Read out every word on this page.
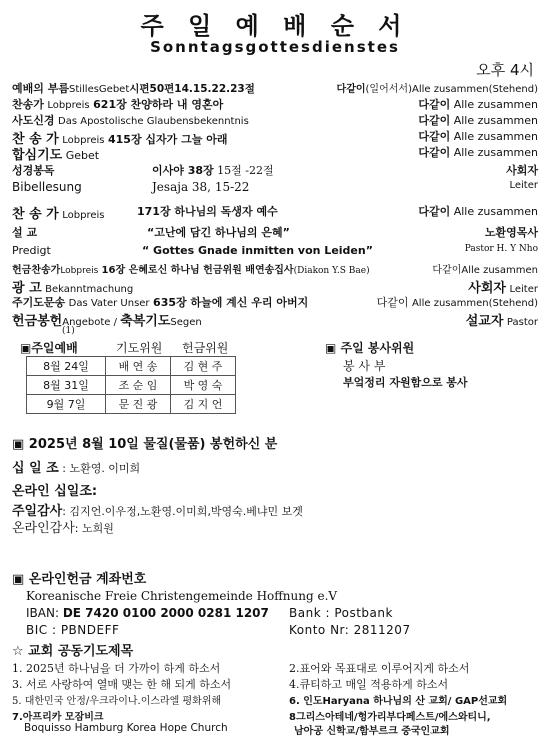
주 일 예 배 순 서
Sonntagsgottesdienstes
오후 4시
예배의 부름StillesGebet시편50편14.15.22.23절	다같이(일어서서)Alle zusammen(Stehend)
찬송가 Lobpreis 621장 찬양하라 내 영혼아	다같이 Alle zusammen
사도신경 Das Apostolische Glaubensbekenntnis	다같이 Alle zusammen
찬 송 가 Lobpreis 415장 십자가 그늘 아래	다같이 Alle zusammen
합심기도 Gebet	다같이 Alle zusammen
성경봉독	이사야 38장 15절 -22절	사회자
Bibellesung	Jesaja 38, 15-22	Leiter
찬 송 가 Lobpreis	171장 하나님의 독생자 예수	다같이 Alle zusammen
설 교	“고난에 담긴 하나님의 은혜”	노환영목사
Predigt	“ Gottes Gnade inmitten von Leiden”	Pastor H. Y Nho
헌금찬송가Lobpreis 16장 은혜로신 하나님 헌금위원 배연송집사(Diakon Y.S Bae)	다같이Alle zusammen
광 고 Bekanntmachung	사회자 Leiter
주기도문송 Das Vater Unser 635장 하늘에 계신 우리 아버지	다같이 Alle zusammen(Stehend)
헌금봉헌Angebote / 축복기도Segen	설교자 Pastor
(1)
▣주일예배	기도위원 헌금위원
8월 24일	배 연 송	김 현 주
8월 31일	조 순 임	박 영 숙
9월 7일	문 진 광	김 지 언
▣ 주일 봉사위원
봉 사 부
부엌정리 자원함으로 봉사
▣ 2025년 8월 10일 물질(물품) 봉헌하신 분
십 일 조 : 노환영. 이미희
온라인 십일조:
주일감사: 김지언.이우정,노환영.이미희,박영숙.베냐민 보겟
온라인감사: 노희원
▣ 온라인헌금 계좌번호
Koreanische Freie Christengemeinde Hoffnung e.V
IBAN: DE 7420 0100 2000 0281 1207 Bank : Postbank
BIC : PBNDEFF	Konto Nr: 2811207
☆ 교회 공동기도제목
1. 2025년 하나님을 더 가까이 하게 하소서	2.표어와 목표대로 이루어지게 하소서
3. 서로 사랑하여 열매 맺는 한 해 되게 하소서	4.큐티하고 매일 적용하게 하소서
5. 대한민국 안정/우크라이나.이스라엘 평화위해	6. 인도Haryana 하나님의 산 교회/ GAP선교회
7.아프리카 모잠비크	8그리스아테네/헝가리부다페스트/에스와티니,
Boquisso Hamburg Korea Hope Church	남아공 신학교/함부르크 중국인교회
